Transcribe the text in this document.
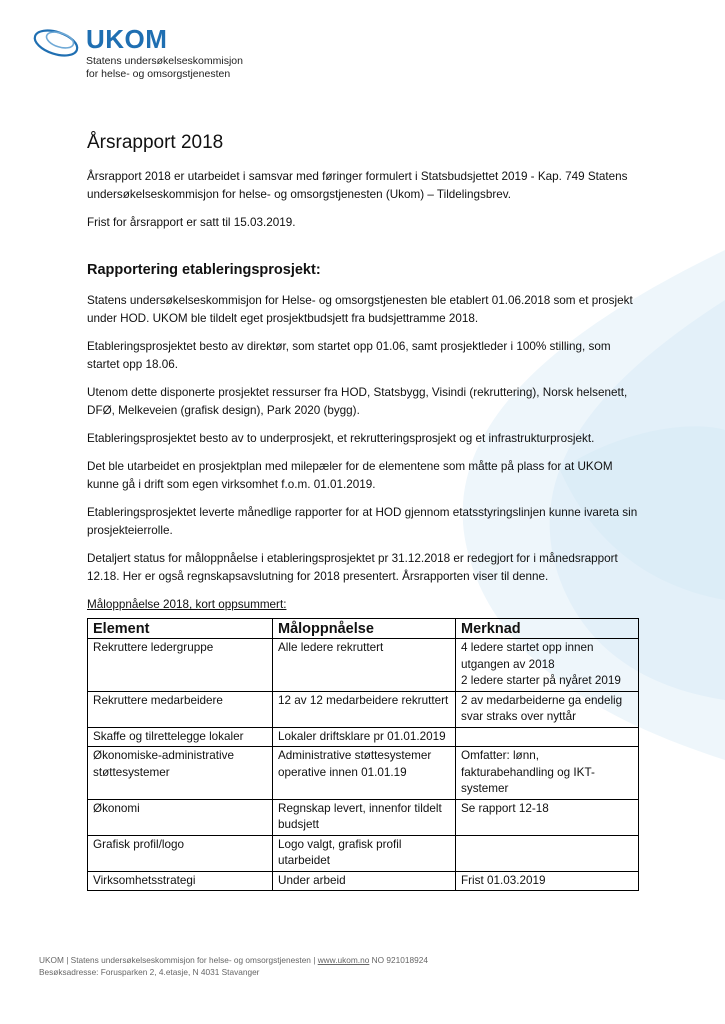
UKOM
Statens undersøkelseskommisjon
for helse- og omsorgstjenesten
Årsrapport 2018

Årsrapport 2018 er utarbeidet i samsvar med føringer formulert i Statsbudsjettet 2019 - Kap. 749 Statens undersøkelseskommisjon for helse- og omsorgstjenesten (Ukom) – Tildelingsbrev.

Frist for årsrapport er satt til 15.03.2019.

Rapportering etableringsprosjekt:

Statens undersøkelseskommisjon for Helse- og omsorgstjenesten ble etablert 01.06.2018 som et prosjekt under HOD. UKOM ble tildelt eget prosjektbudsjett fra budsjettramme 2018.

Etableringsprosjektet besto av direktør, som startet opp 01.06, samt prosjektleder i 100% stilling, som startet opp 18.06.

Utenom dette disponerte prosjektet ressurser fra HOD, Statsbygg, Visindi (rekruttering), Norsk helsenett, DFØ, Melkeveien (grafisk design), Park 2020 (bygg).

Etableringsprosjektet besto av to underprosjekt, et rekrutteringsprosjekt og et infrastrukturprosjekt.

Det ble utarbeidet en prosjektplan med milepæler for de elementene som måtte på plass for at UKOM kunne gå i drift som egen virksomhet f.o.m. 01.01.2019.

Etableringsprosjektet leverte månedlige rapporter for at HOD gjennom etatsstyringslinjen kunne ivareta sin prosjekteierrolle.

Detaljert status for måloppnåelse i etableringsprosjektet pr 31.12.2018 er redegjort for i månedsrapport 12.18. Her er også regnskapsavslutning for 2018 presentert. Årsrapporten viser til denne.

Måloppnåelse 2018, kort oppsummert:

Element	Måloppnåelse	Merknad
Rekruttere ledergruppe	Alle ledere rekruttert	4 ledere startet opp innen utgangen av 2018
2 ledere starter på nyåret 2019

Rekruttere medarbeidere	12 av 12 medarbeidere rekruttert	2 av medarbeiderne ga endelig svar straks over nyttår
Skaffe og tilrettelegge lokaler	Lokaler driftsklare pr 01.01.2019	
Økonomiske-administrative støttesystemer	Administrative støttesystemer operative innen 01.01.19	Omfatter: lønn, fakturabehandling og IKT-systemer
Økonomi	Regnskap levert, innenfor tildelt budsjett	Se rapport 12-18
Grafisk profil/logo	Logo valgt, grafisk profil utarbeidet	
Virksomhetsstrategi	Under arbeid	Frist 01.03.2019
UKOM | Statens undersøkelseskommisjon for helse- og omsorgstjenesten | www.ukom.no NO 921018924
Besøksadresse: Forusparken 2, 4.etasje, N 4031 Stavanger
